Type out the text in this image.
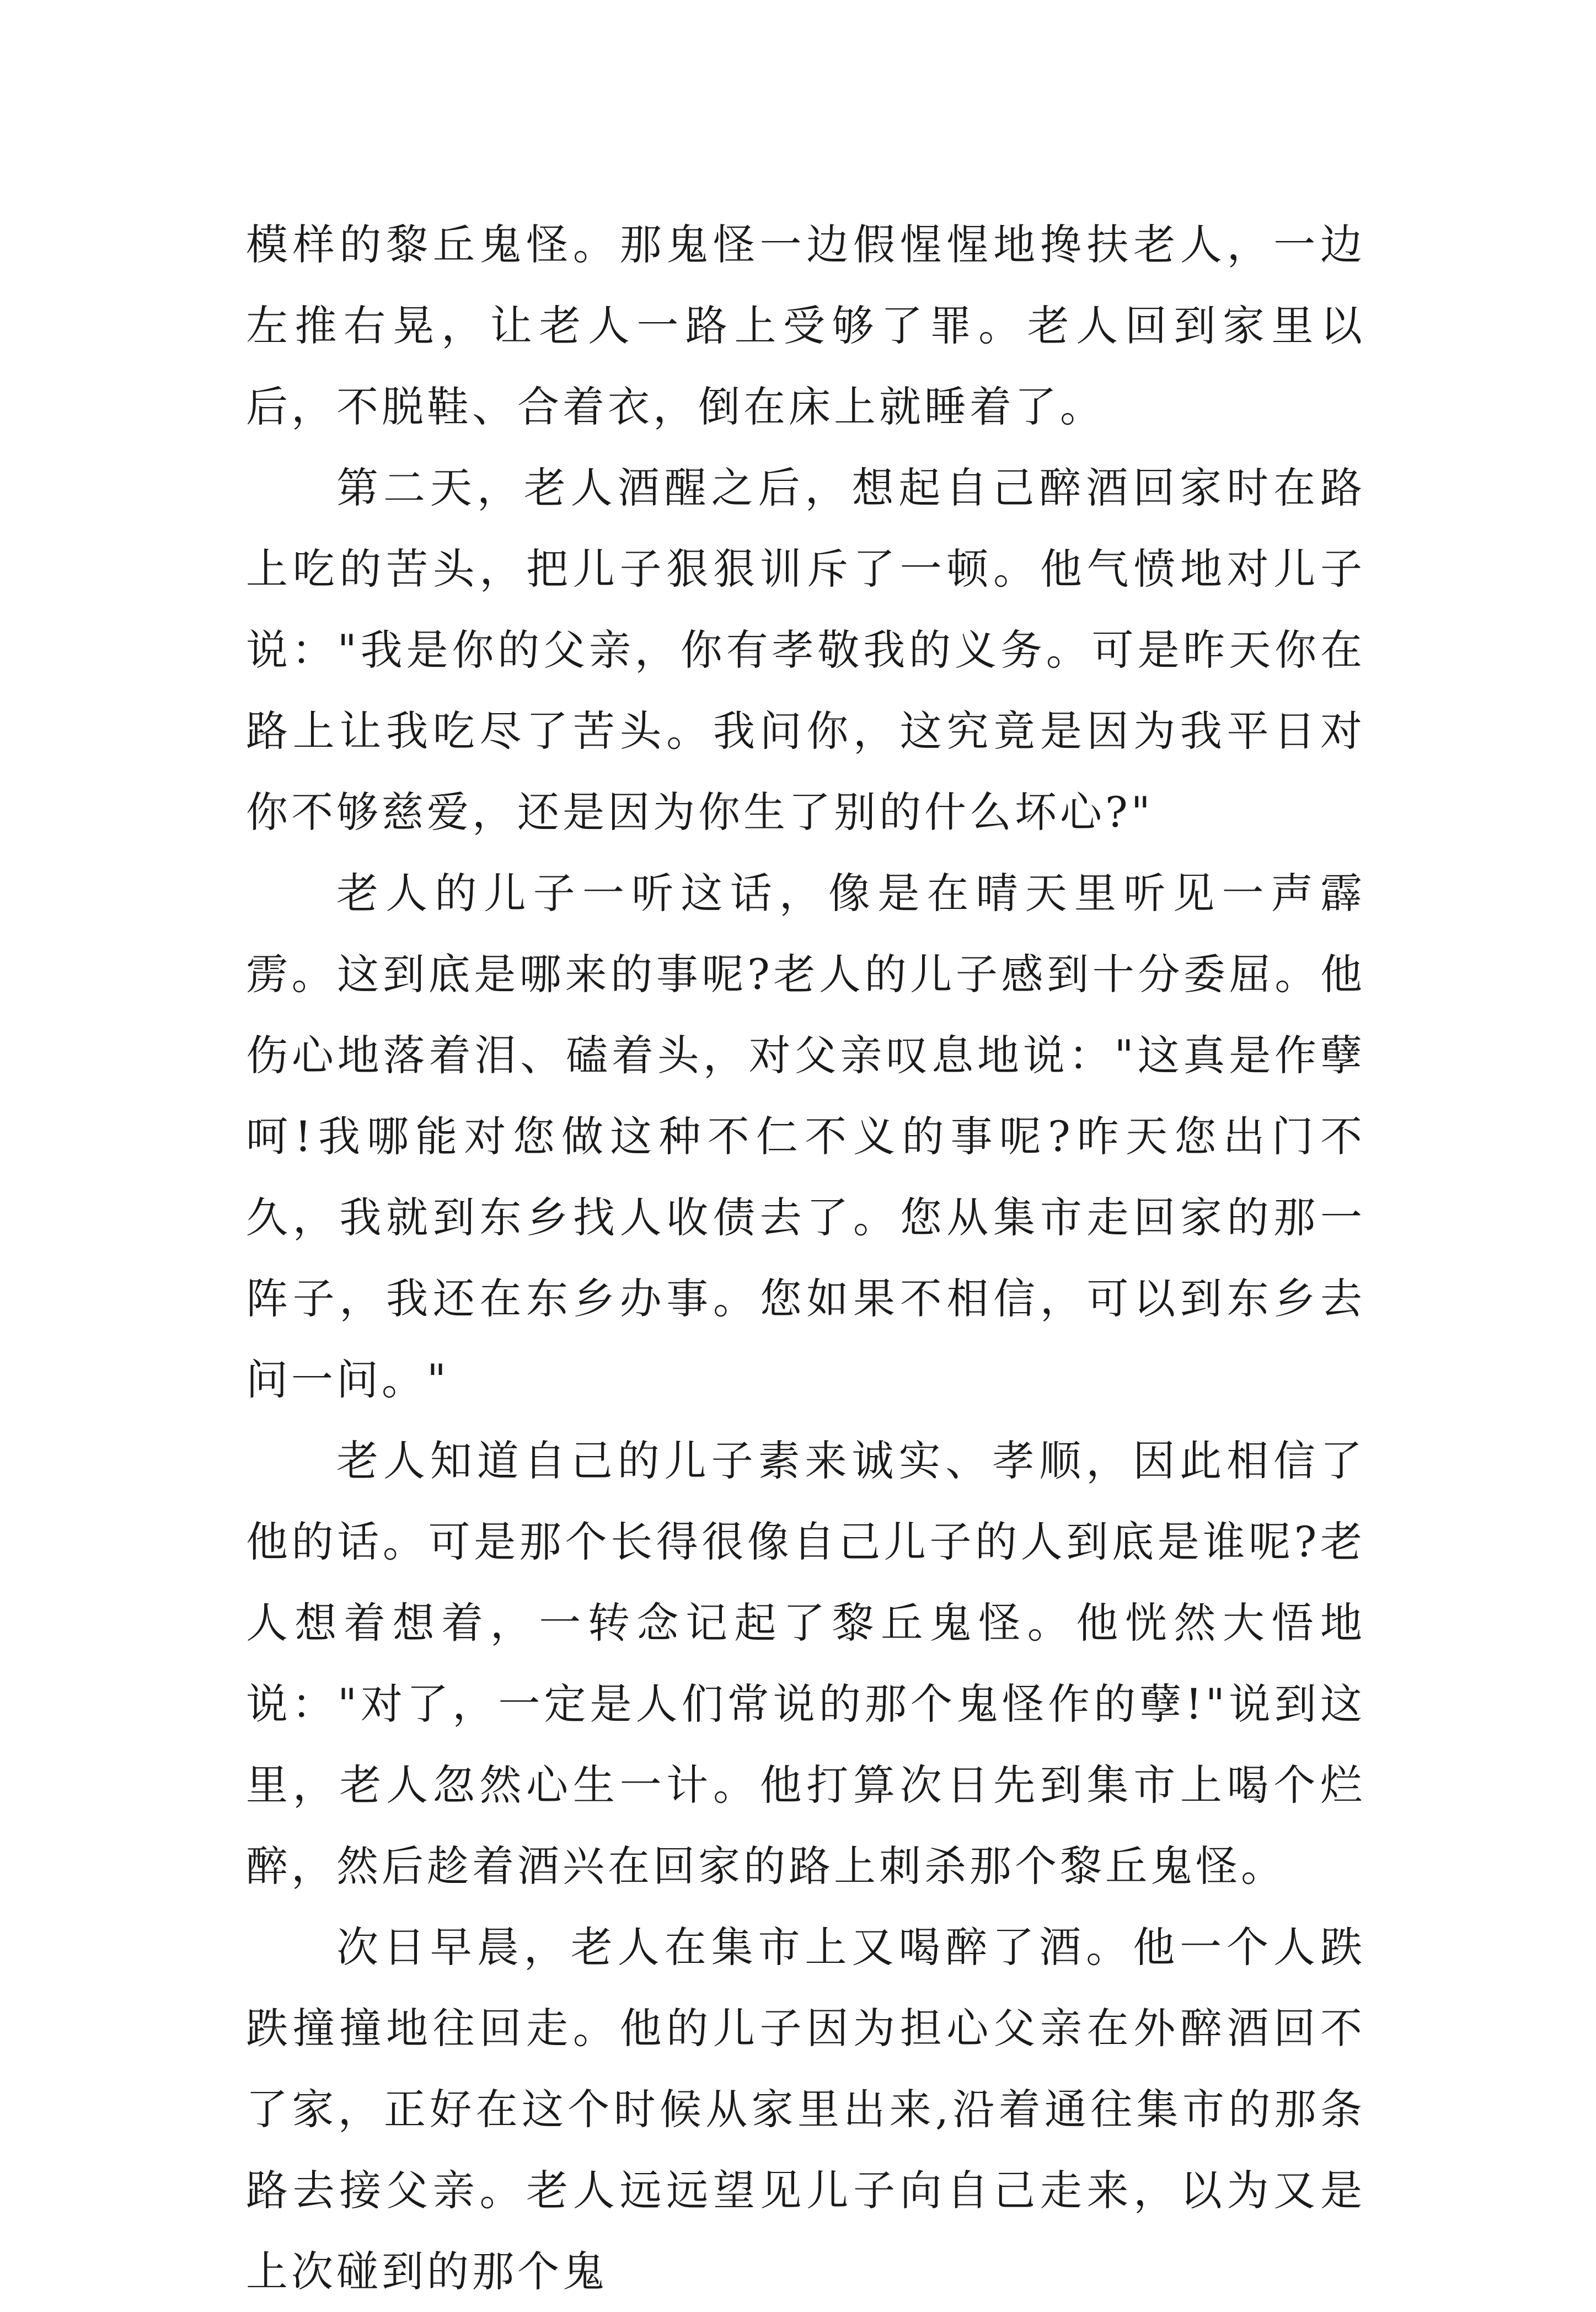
模样的黎丘鬼怪。那鬼怪一边假惺惺地搀扶老人，一边左推右晃，让老人一路上受够了罪。老人回到家里以后，不脱鞋、合着衣，倒在床上就睡着了。

第二天，老人酒醒之后，想起自己醉酒回家时在路上吃的苦头，把儿子狠狠训斥了一顿。他气愤地对儿子说："我是你的父亲，你有孝敬我的义务。可是昨天你在路上让我吃尽了苦头。我问你，这究竟是因为我平日对你不够慈爱，还是因为你生了别的什么坏心?"

老人的儿子一听这话，像是在晴天里听见一声霹雳。这到底是哪来的事呢?老人的儿子感到十分委屈。他伤心地落着泪、磕着头，对父亲叹息地说："这真是作孽呵!我哪能对您做这种不仁不义的事呢?昨天您出门不久，我就到东乡找人收债去了。您从集市走回家的那一阵子，我还在东乡办事。您如果不相信，可以到东乡去问一问。"

老人知道自己的儿子素来诚实、孝顺，因此相信了他的话。可是那个长得很像自己儿子的人到底是谁呢?老人想着想着，一转念记起了黎丘鬼怪。他恍然大悟地说："对了，一定是人们常说的那个鬼怪作的孽!"说到这里，老人忽然心生一计。他打算次日先到集市上喝个烂醉，然后趁着酒兴在回家的路上刺杀那个黎丘鬼怪。

次日早晨，老人在集市上又喝醉了酒。他一个人跌跌撞撞地往回走。他的儿子因为担心父亲在外醉酒回不了家，正好在这个时候从家里出来,沿着通往集市的那条路去接父亲。老人远远望见儿子向自己走来，以为又是上次碰到的那个鬼
